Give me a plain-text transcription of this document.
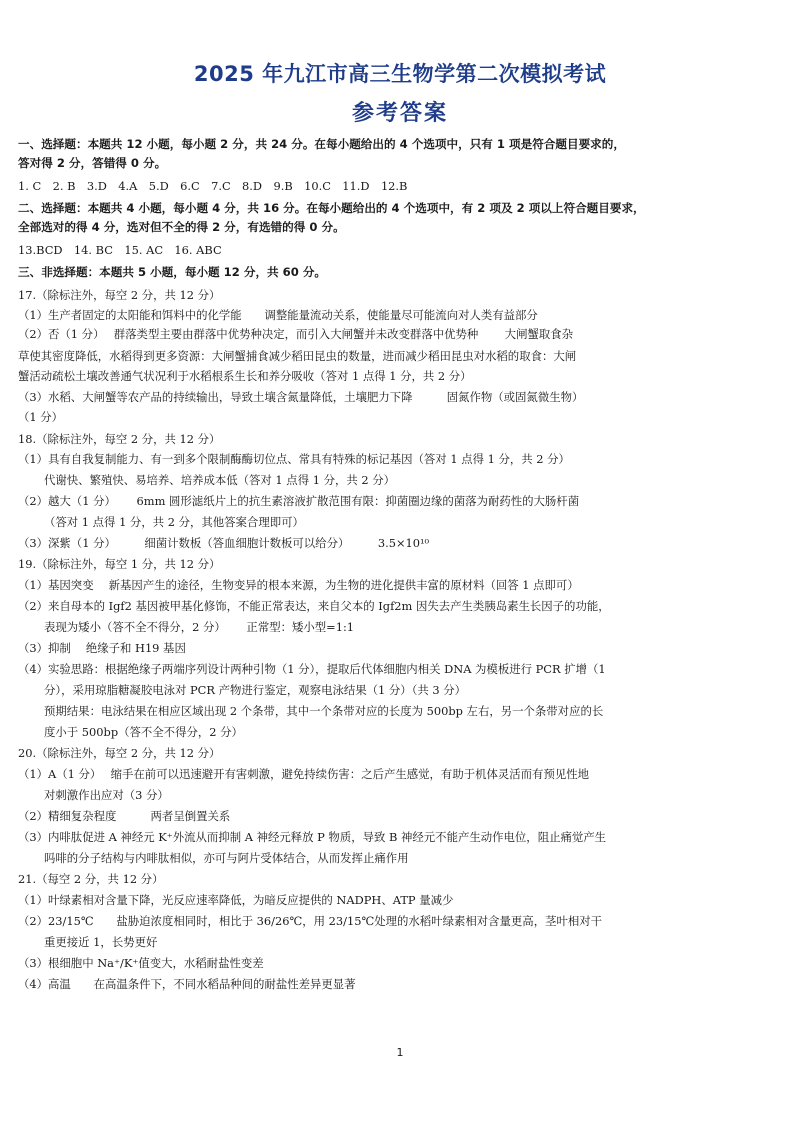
2025 年九江市高三生物学第二次模拟考试
参考答案
一、选择题：本题共 12 小题，每小题 2 分，共 24 分。在每小题给出的 4 个选项中，只有 1 项是符合题目要求的，
答对得 2 分，答错得 0 分。
1. C　2. B　3.D　4.A　5.D　6.C　7.C　8.D　9.B　10.C　11.D　12.B
二、选择题：本题共 4 小题，每小题 4 分，共 16 分。在每小题给出的 4 个选项中，有 2 项及 2 项以上符合题目要求，
全部选对的得 4 分，选对但不全的得 2 分，有选错的得 0 分。
13.BCD　14. BC　15. AC　16. ABC
三、非选择题：本题共 5 小题，每小题 12 分，共 60 分。
17.（除标注外，每空 2 分，共 12 分）
（1）生产者固定的太阳能和饵料中的化学能　　调整能量流动关系，使能量尽可能流向对人类有益部分
（2）否（1 分）　 群落类型主要由群落中优势种决定，而引入大闸蟹并未改变群落中优势种　　 大闸蟹取食杂
草使其密度降低，水稻得到更多资源：大闸蟹捕食减少稻田昆虫的数量，进而减少稻田昆虫对水稻的取食：大闸
蟹活动疏松土壤改善通气状况利于水稻根系生长和养分吸收（答对 1 点得 1 分，共 2 分）
（3）水稻、大闸蟹等农产品的持续输出，导致土壤含氮量降低，土壤肥力下降　　　固氮作物（或固氮微生物）
（1 分）
18.（除标注外，每空 2 分，共 12 分）
（1）具有自我复制能力、有一到多个限制酶酶切位点、常具有特殊的标记基因（答对 1 点得 1 分，共 2 分）
代谢快、繁殖快、易培养、培养成本低（答对 1 点得 1 分，共 2 分）
（2）越大（1 分）　　 6mm 圆形滤纸片上的抗生素溶液扩散范围有限：抑菌圈边缘的菌落为耐药性的大肠杆菌
（答对 1 点得 1 分，共 2 分，其他答案合理即可）
（3）深紫（1 分）　　　细菌计数板（答血细胞计数板可以给分）　　　3.5×10¹⁰
19.（除标注外，每空 1 分，共 12 分）
（1）基因突变　 新基因产生的途径，生物变异的根本来源，为生物的进化提供丰富的原材料（回答 1 点即可）
（2）来自母本的 Igf2 基因被甲基化修饰，不能正常表达，来自父本的 Igf2m 因失去产生类胰岛素生长因子的功能，
表现为矮小（答不全不得分，2 分）　　 正常型：矮小型=1:1
（3）抑制　 绝缘子和 H19 基因
（4）实验思路：根据绝缘子两端序列设计两种引物（1 分），提取后代体细胞内相关 DNA 为模板进行 PCR 扩增（1
分），采用琼脂糖凝胶电泳对 PCR 产物进行鉴定，观察电泳结果（1 分）（共 3 分）
预期结果：电泳结果在相应区域出现 2 个条带，其中一个条带对应的长度为 500bp 左右，另一个条带对应的长
度小于 500bp（答不全不得分，2 分）
20.（除标注外，每空 2 分，共 12 分）
（1）A（1 分）　 缩手在前可以迅速避开有害刺激，避免持续伤害：之后产生感觉，有助于机体灵活而有预见性地
对刺激作出应对（3 分）
（2）精细复杂程度　　　两者呈倒置关系
（3）内啡肽促进 A 神经元 K⁺外流从而抑制 A 神经元释放 P 物质，导致 B 神经元不能产生动作电位，阻止痛觉产生
吗啡的分子结构与内啡肽相似，亦可与阿片受体结合，从而发挥止痛作用
21.（每空 2 分，共 12 分）
（1）叶绿素相对含量下降，光反应速率降低，为暗反应提供的 NADPH、ATP 量减少
（2）23/15℃　　盐胁迫浓度相同时，相比于 36/26℃，用 23/15℃处理的水稻叶绿素相对含量更高，茎叶相对干
重更接近 1，长势更好
（3）根细胞中 Na⁺/K⁺值变大，水稻耐盐性变差
（4）高温　　在高温条件下，不同水稻品种间的耐盐性差异更显著
1
